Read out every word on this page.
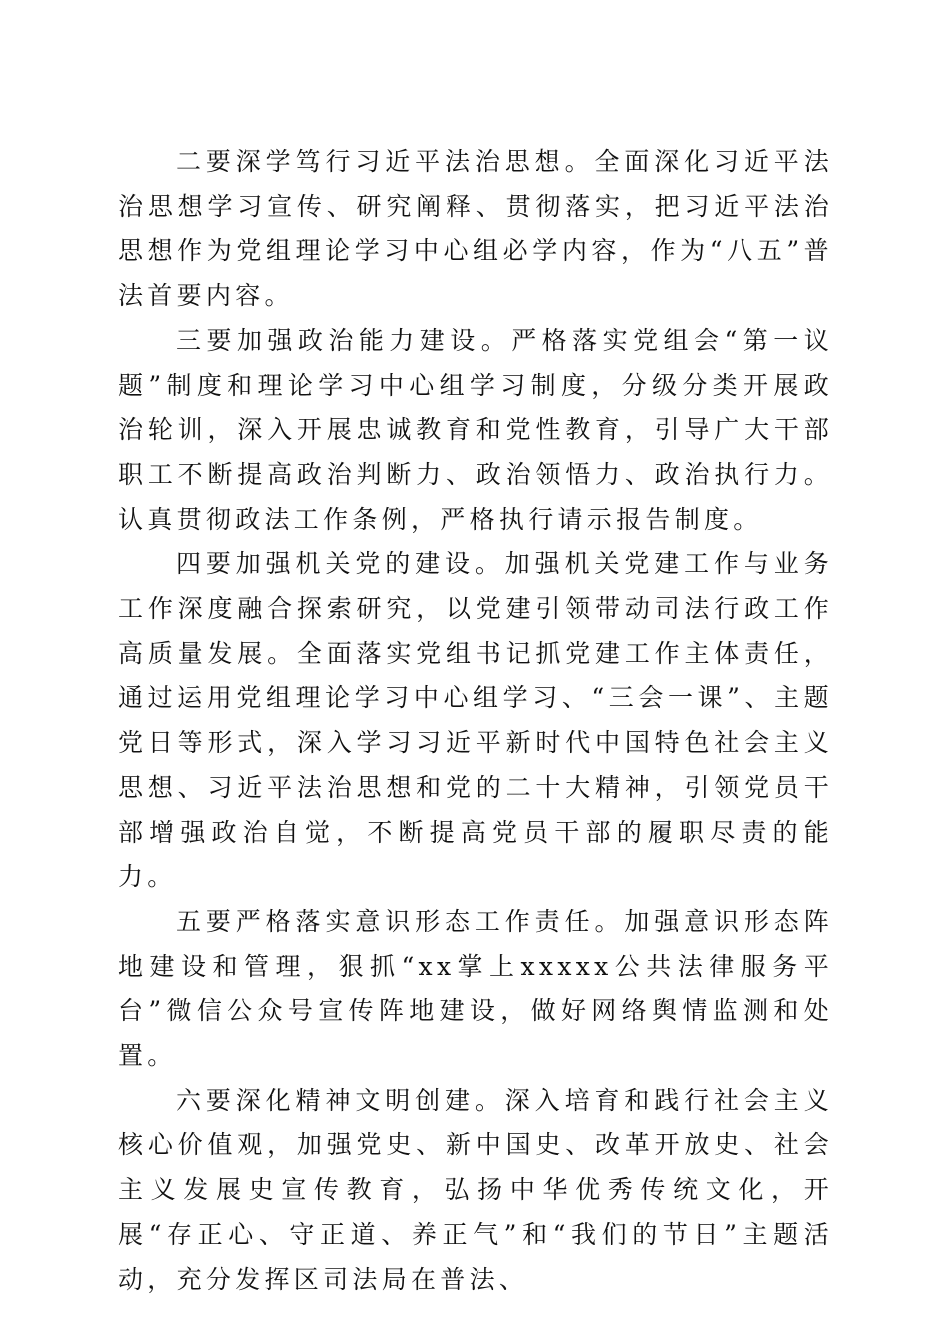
二要深学笃行习近平法治思想。全面深化习近平法治思想学习宣传、研究阐释、贯彻落实，把习近平法治思想作为党组理论学习中心组必学内容，作为“八五”普法首要内容。

三要加强政治能力建设。严格落实党组会“第一议题”制度和理论学习中心组学习制度，分级分类开展政治轮训，深入开展忠诚教育和党性教育，引导广大干部职工不断提高政治判断力、政治领悟力、政治执行力。认真贯彻政法工作条例，严格执行请示报告制度。

四要加强机关党的建设。加强机关党建工作与业务工作深度融合探索研究，以党建引领带动司法行政工作高质量发展。全面落实党组书记抓党建工作主体责任，通过运用党组理论学习中心组学习、“三会一课”、主题党日等形式，深入学习习近平新时代中国特色社会主义思想、习近平法治思想和党的二十大精神，引领党员干部增强政治自觉，不断提高党员干部的履职尽责的能力。

五要严格落实意识形态工作责任。加强意识形态阵地建设和管理，狠抓“xx掌上xxxxx公共法律服务平台”微信公众号宣传阵地建设，做好网络舆情监测和处置。

六要深化精神文明创建。深入培育和践行社会主义核心价值观，加强党史、新中国史、改革开放史、社会主义发展史宣传教育，弘扬中华优秀传统文化，开展“存正心、守正道、养正气”和“我们的节日”主题活动，充分发挥区司法局在普法、
